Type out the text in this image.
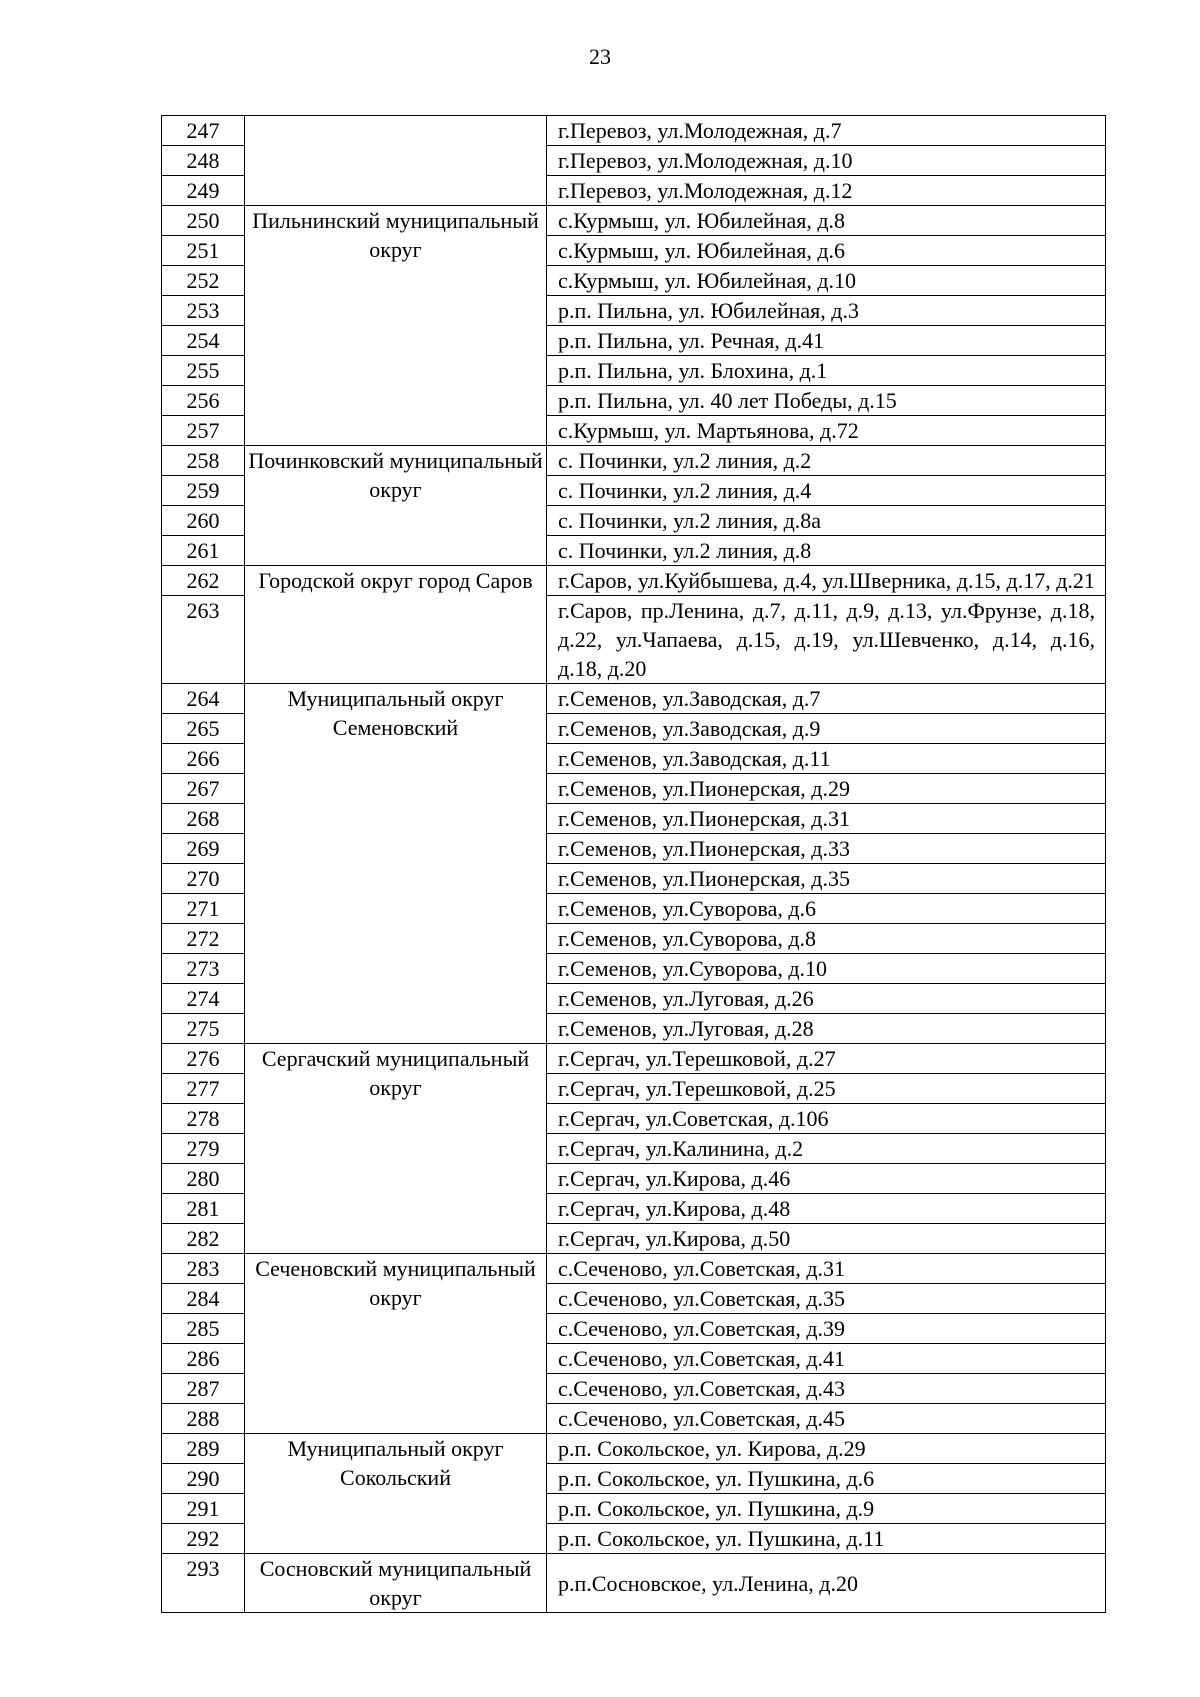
23
247		г.Перевоз, ул.Молодежная, д.7
248		г.Перевоз, ул.Молодежная, д.10
249		г.Перевоз, ул.Молодежная, д.12
250	Пильнинский муниципальный округ	с.Курмыш, ул. Юбилейная, д.8
251		с.Курмыш, ул. Юбилейная, д.6
252		с.Курмыш, ул. Юбилейная, д.10
253		р.п. Пильна, ул. Юбилейная, д.3
254		р.п. Пильна, ул. Речная, д.41
255		р.п. Пильна, ул. Блохина, д.1
256		р.п. Пильна, ул. 40 лет Победы, д.15
257		с.Курмыш, ул. Мартьянова, д.72
258	Починковский муниципальный округ	с. Починки, ул.2 линия, д.2
259		с. Починки, ул.2 линия, д.4
260		с. Починки, ул.2 линия, д.8а
261		с. Починки, ул.2 линия, д.8
262	Городской округ город Саров	г.Саров, ул.Куйбышева, д.4, ул.Шверника, д.15, д.17, д.21
263		г.Саров, пр.Ленина, д.7, д.11, д.9, д.13, ул.Фрунзе, д.18, д.22, ул.Чапаева, д.15, д.19, ул.Шевченко, д.14, д.16, д.18, д.20
264	Муниципальный округ Семеновский	г.Семенов, ул.Заводская, д.7
265		г.Семенов, ул.Заводская, д.9
266		г.Семенов, ул.Заводская, д.11
267		г.Семенов, ул.Пионерская, д.29
268		г.Семенов, ул.Пионерская, д.31
269		г.Семенов, ул.Пионерская, д.33
270		г.Семенов, ул.Пионерская, д.35
271		г.Семенов, ул.Суворова, д.6
272		г.Семенов, ул.Суворова, д.8
273		г.Семенов, ул.Суворова, д.10
274		г.Семенов, ул.Луговая, д.26
275		г.Семенов, ул.Луговая, д.28
276	Сергачский муниципальный округ	г.Сергач, ул.Терешковой, д.27
277		г.Сергач, ул.Терешковой, д.25
278		г.Сергач, ул.Советская, д.106
279		г.Сергач, ул.Калинина, д.2
280		г.Сергач, ул.Кирова, д.46
281		г.Сергач, ул.Кирова, д.48
282		г.Сергач, ул.Кирова, д.50
283	Сеченовский муниципальный округ	с.Сеченово, ул.Советская, д.31
284		с.Сеченово, ул.Советская, д.35
285		с.Сеченово, ул.Советская, д.39
286		с.Сеченово, ул.Советская, д.41
287		с.Сеченово, ул.Советская, д.43
288		с.Сеченово, ул.Советская, д.45
289	Муниципальный округ Сокольский	р.п. Сокольское, ул. Кирова, д.29
290		р.п. Сокольское, ул. Пушкина, д.6
291		р.п. Сокольское, ул. Пушкина, д.9
292		р.п. Сокольское, ул. Пушкина, д.11
293	Сосновский муниципальный округ	р.п.Сосновское, ул.Ленина, д.20
